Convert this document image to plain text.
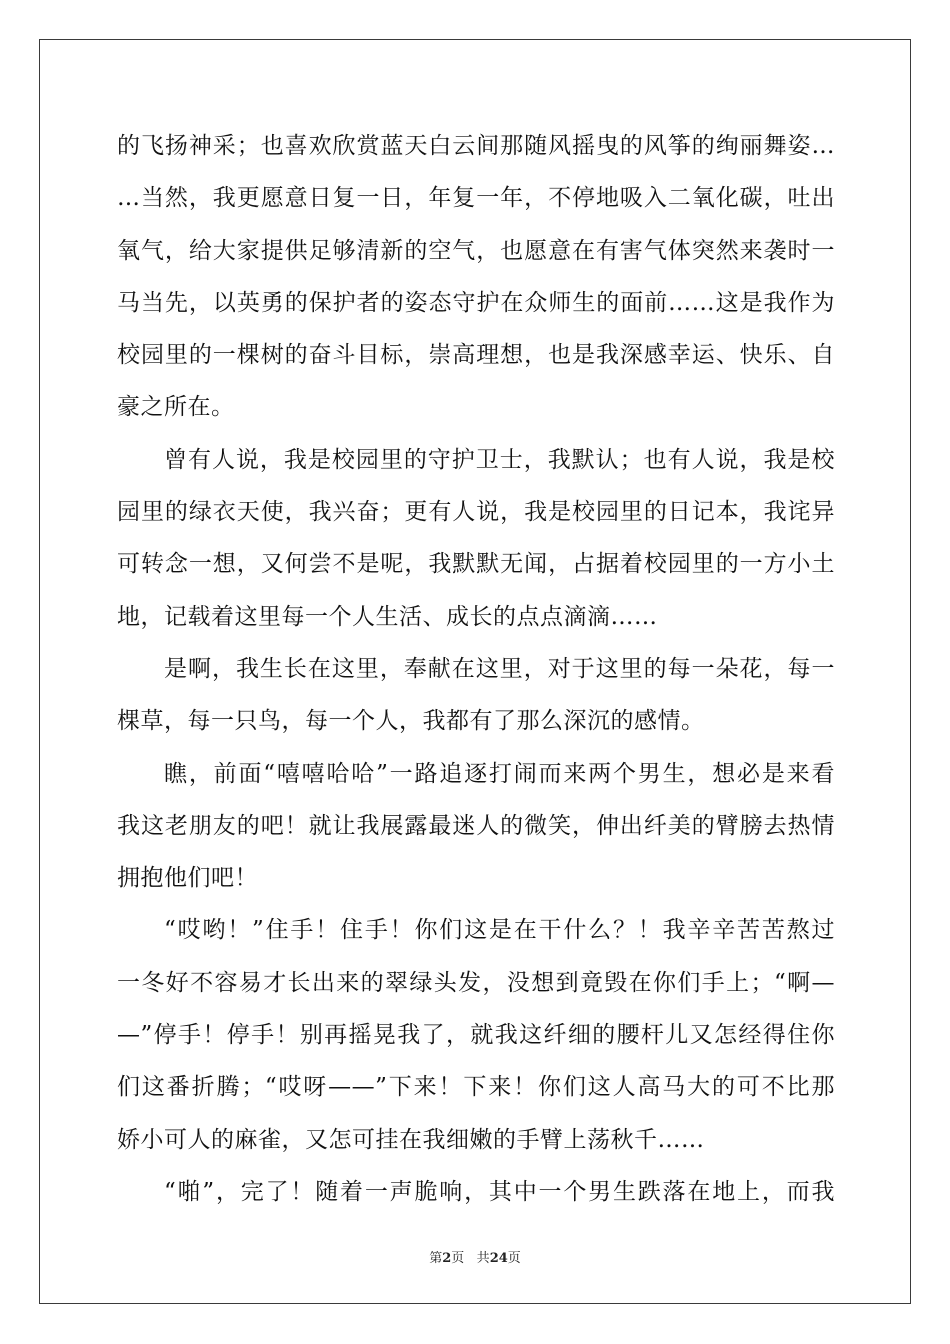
的飞扬神采；也喜欢欣赏蓝天白云间那随风摇曳的风筝的绚丽舞姿…
…当然，我更愿意日复一日，年复一年，不停地吸入二氧化碳，吐出
氧气，给大家提供足够清新的空气，也愿意在有害气体突然来袭时一
马当先，以英勇的保护者的姿态守护在众师生的面前……这是我作为
校园里的一棵树的奋斗目标，崇高理想，也是我深感幸运、快乐、自
豪之所在。
曾有人说，我是校园里的守护卫士，我默认；也有人说，我是校
园里的绿衣天使，我兴奋；更有人说，我是校园里的日记本，我诧异
可转念一想，又何尝不是呢，我默默无闻，占据着校园里的一方小土
地，记载着这里每一个人生活、成长的点点滴滴……
是啊，我生长在这里，奉献在这里，对于这里的每一朵花，每一
棵草，每一只鸟，每一个人，我都有了那么深沉的感情。
瞧，前面“嘻嘻哈哈”一路追逐打闹而来两个男生，想必是来看
我这老朋友的吧！就让我展露最迷人的微笑，伸出纤美的臂膀去热情
拥抱他们吧！
“哎哟！”住手！住手！你们这是在干什么？！我辛辛苦苦熬过
一冬好不容易才长出来的翠绿头发，没想到竟毁在你们手上；“啊—
—”停手！停手！别再摇晃我了，就我这纤细的腰杆儿又怎经得住你
们这番折腾；“哎呀——”下来！下来！你们这人高马大的可不比那
娇小可人的麻雀，又怎可挂在我细嫩的手臂上荡秋千……
“啪”，完了！随着一声脆响，其中一个男生跌落在地上，而我
第2页 共24页
